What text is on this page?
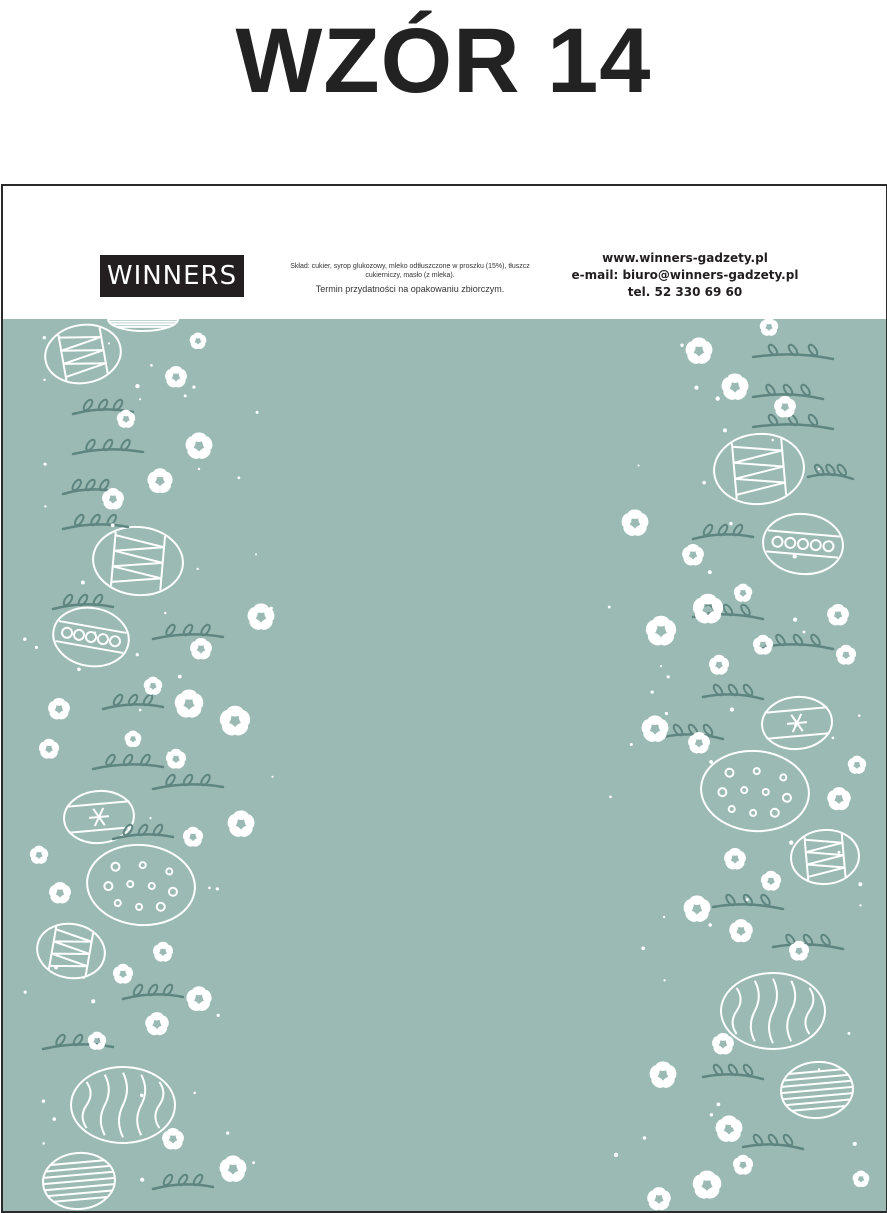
WZÓR 14
WINNERS	Skład: cukier, syrop glukozowy, mleko odtłuszczone w proszku (15%), tłuszcz cukierniczy, masło (z mleka).
Termin przydatności na opakowaniu zbiorczym.
www.winners-gadzety.pl
e-mail: biuro@winners-gadzety.pl
tel. 52 330 69 60
